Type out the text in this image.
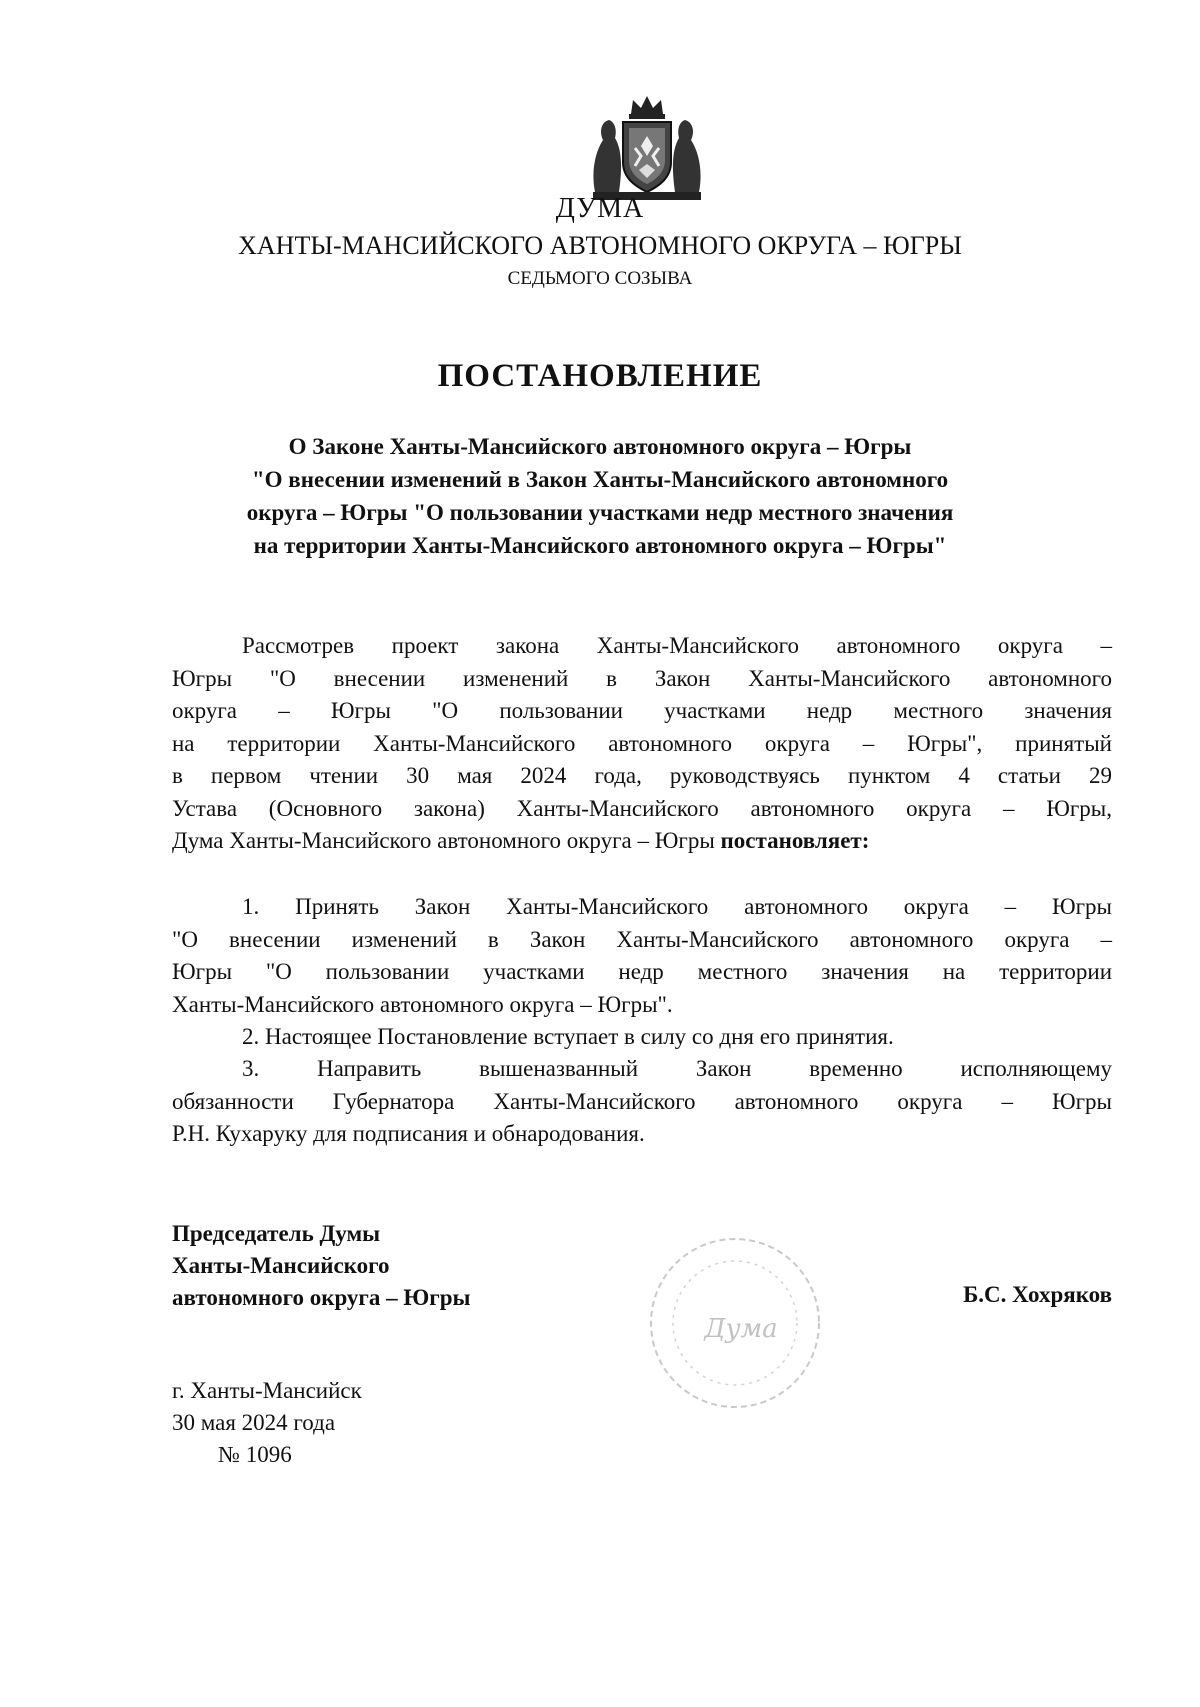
ДУМА
ХАНТЫ-МАНСИЙСКОГО АВТОНОМНОГО ОКРУГА – ЮГРЫ
СЕДЬМОГО СОЗЫВА
ПОСТАНОВЛЕНИЕ
О Законе Ханты-Мансийского автономного округа – Югры
"О внесении изменений в Закон Ханты-Мансийского автономного
округа – Югры "О пользовании участками недр местного значения
на территории Ханты-Мансийского автономного округа – Югры"
Рассмотрев проект закона Ханты-Мансийского автономного округа –
Югры "О внесении изменений в Закон Ханты-Мансийского автономного
округа – Югры "О пользовании участками недр местного значения
на территории Ханты-Мансийского автономного округа – Югры", принятый
в первом чтении 30 мая 2024 года, руководствуясь пунктом 4 статьи 29
Устава (Основного закона) Ханты-Мансийского автономного округа – Югры,
Дума Ханты-Мансийского автономного округа – Югры постановляет:
1. Принять Закон Ханты-Мансийского автономного округа – Югры
"О внесении изменений в Закон Ханты-Мансийского автономного округа –
Югры "О пользовании участками недр местного значения на территории
Ханты-Мансийского автономного округа – Югры".
2. Настоящее Постановление вступает в силу со дня его принятия.
3. Направить вышеназванный Закон временно исполняющему
обязанности Губернатора Ханты-Мансийского автономного округа – Югры
Р.Н. Кухаруку для подписания и обнародования.
Председатель Думы
Ханты-Мансийского
автономного округа – Югры
Дума
Б.С. Хохряков
г. Ханты-Мансийск
30 мая 2024 года
№ 1096
